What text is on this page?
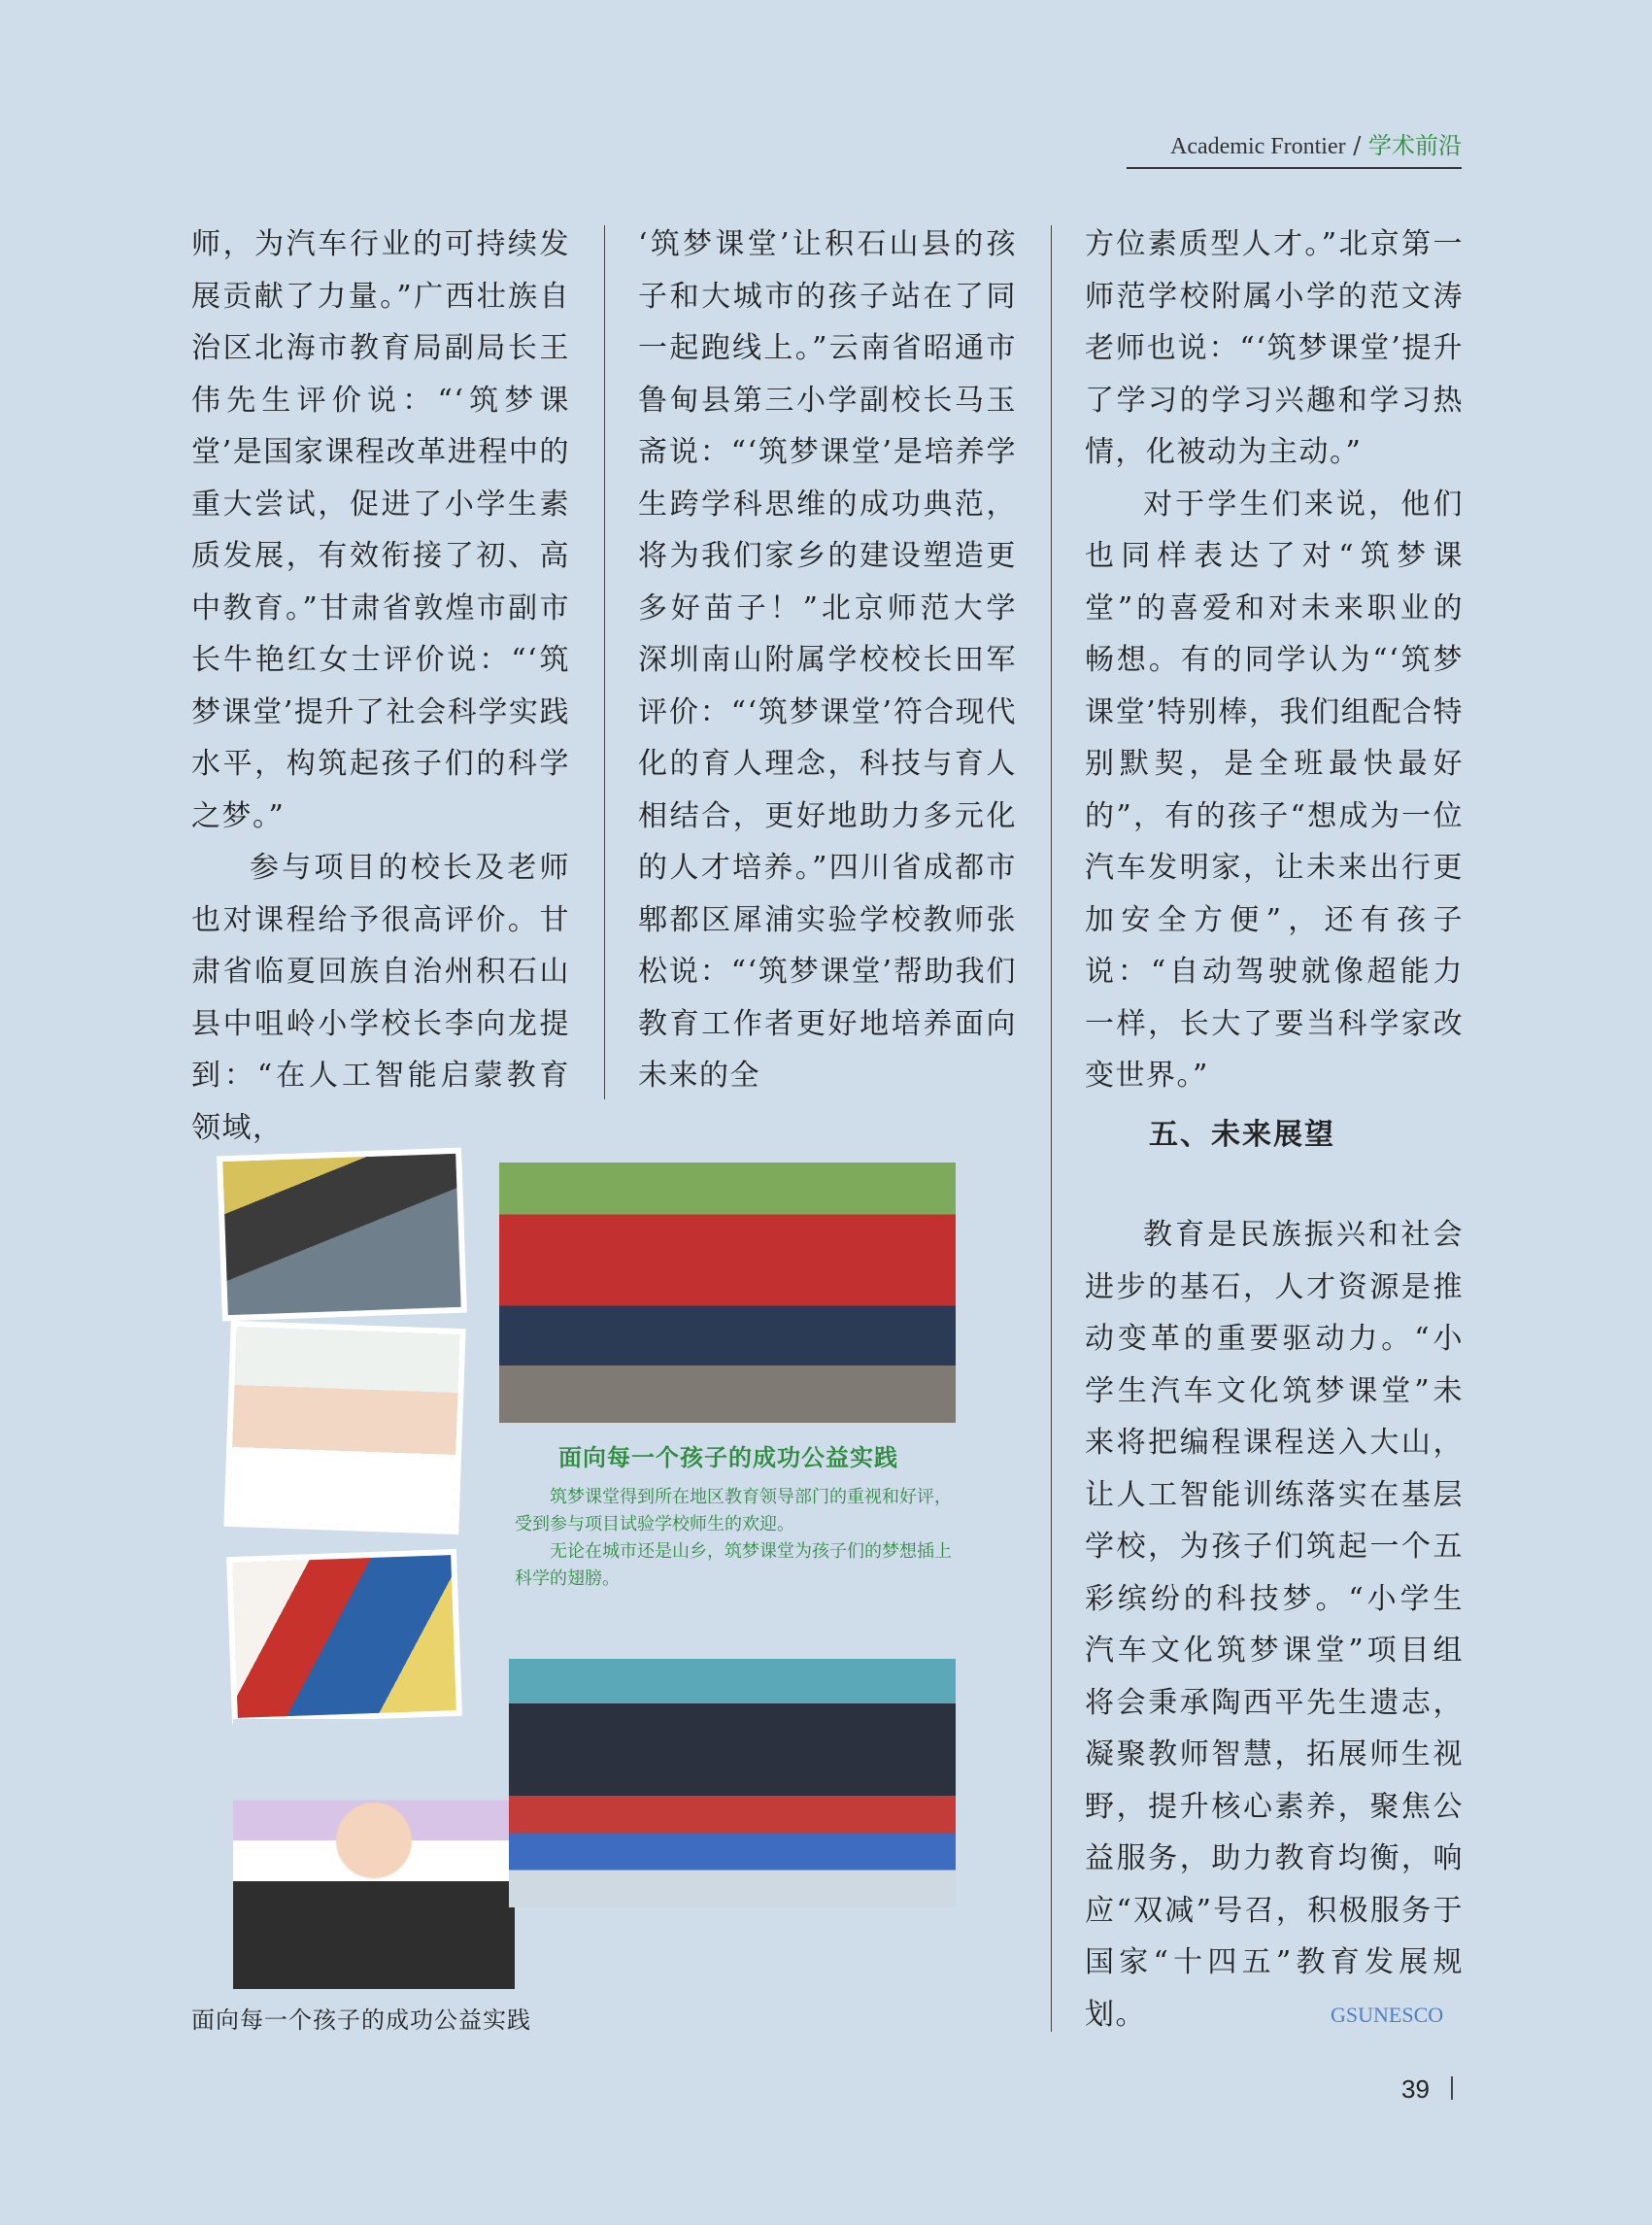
Academic Frontier / 学术前沿

师，为汽车行业的可持续发展贡献了力量。”广西壮族自治区北海市教育局副局长王伟先生评价说：“‘筑梦课堂’是国家课程改革进程中的重大尝试，促进了小学生素质发展，有效衔接了初、高中教育。”甘肃省敦煌市副市长牛艳红女士评价说：“‘筑梦课堂’提升了社会科学实践水平，构筑起孩子们的科学之梦。”

参与项目的校长及老师也对课程给予很高评价。甘肃省临夏回族自治州积石山县中咀岭小学校长李向龙提到：“在人工智能启蒙教育领域，

‘筑梦课堂’让积石山县的孩子和大城市的孩子站在了同一起跑线上。”云南省昭通市鲁甸县第三小学副校长马玉斋说：“‘筑梦课堂’是培养学生跨学科思维的成功典范，将为我们家乡的建设塑造更多好苗子！”北京师范大学深圳南山附属学校校长田军评价：“‘筑梦课堂’符合现代化的育人理念，科技与育人相结合，更好地助力多元化的人才培养。”四川省成都市郫都区犀浦实验学校教师张松说：“‘筑梦课堂’帮助我们教育工作者更好地培养面向未来的全

方位素质型人才。”北京第一师范学校附属小学的范文涛老师也说：“‘筑梦课堂’提升了学习的学习兴趣和学习热情，化被动为主动。”

对于学生们来说，他们也同样表达了对“筑梦课堂”的喜爱和对未来职业的畅想。有的同学认为“‘筑梦课堂’特别棒，我们组配合特别默契，是全班最快最好的”，有的孩子“想成为一位汽车发明家，让未来出行更加安全方便”，还有孩子说：“自动驾驶就像超能力一样，长大了要当科学家改变世界。”

五、未来展望

教育是民族振兴和社会进步的基石，人才资源是推动变革的重要驱动力。“小学生汽车文化筑梦课堂”未来将把编程课程送入大山，让人工智能训练落实在基层学校，为孩子们筑起一个五彩缤纷的科技梦。“小学生汽车文化筑梦课堂”项目组将会秉承陶西平先生遗志，凝聚教师智慧，拓展师生视野，提升核心素养，聚焦公益服务，助力教育均衡，响应“双减”号召，积极服务于国家“十四五”教育发展规划。

面向每一个孩子的成功公益实践

筑梦课堂得到所在地区教育领导部门的重视和好评，受到参与项目试验学校师生的欢迎。

无论在城市还是山乡，筑梦课堂为孩子们的梦想插上科学的翅膀。

面向每一个孩子的成功公益实践	GSUNESCO
39
